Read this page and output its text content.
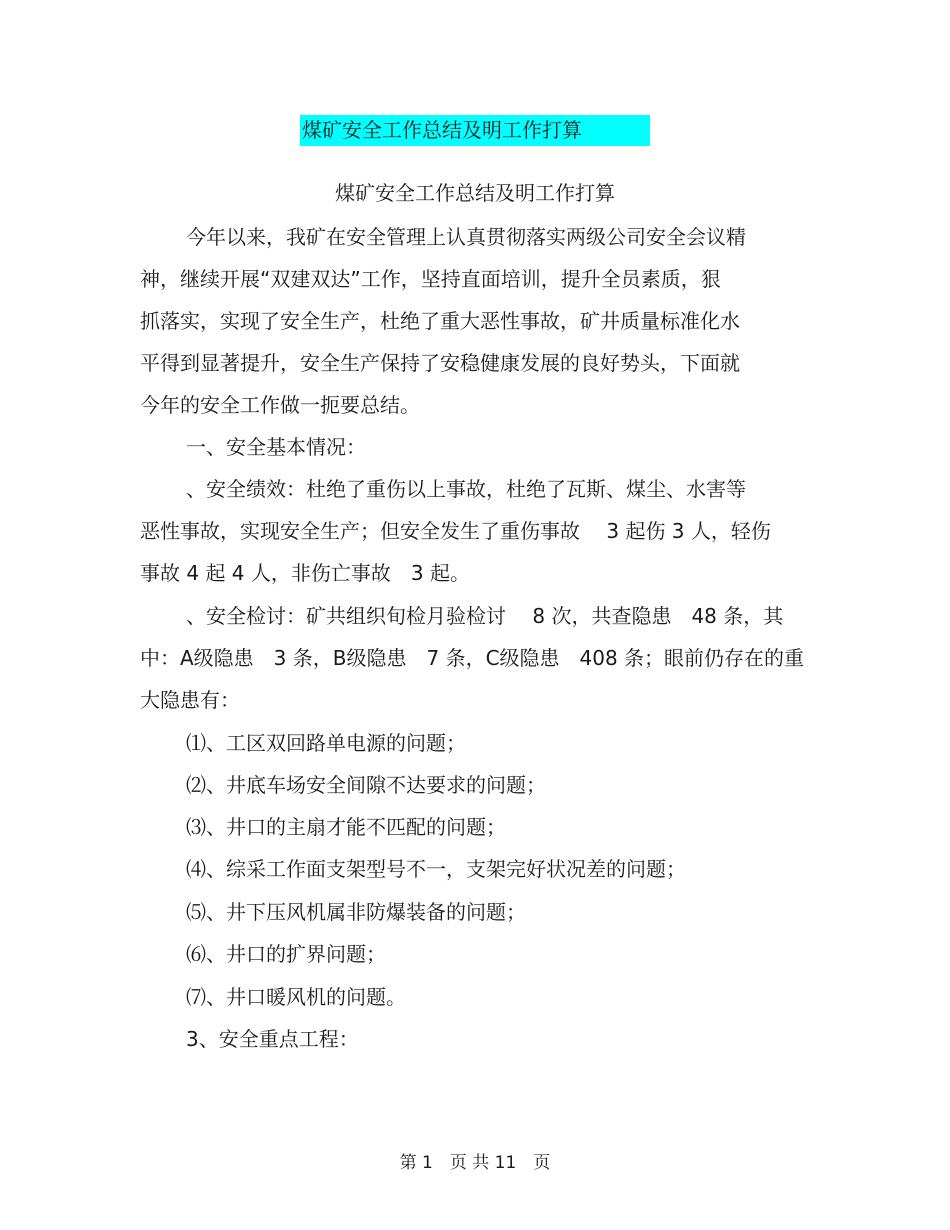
煤矿安全工作总结及明工作打算
煤矿安全工作总结及明工作打算
今年以来，我矿在安全管理上认真贯彻落实两级公司安全会议精
神，继续开展“双建双达”工作，坚持直面培训，提升全员素质，狠
抓落实，实现了安全生产，杜绝了重大恶性事故，矿井质量标准化水
平得到显著提升，安全生产保持了安稳健康发展的良好势头，下面就
今年的安全工作做一扼要总结。
一、安全基本情况：
、安全绩效：杜绝了重伤以上事故，杜绝了瓦斯、煤尘、水害等
恶性事故，实现安全生产；但安全发生了重伤事故　 3 起伤 3 人，轻伤
事故 4 起 4 人，非伤亡事故　3 起。
、安全检讨：矿共组织旬检月验检讨　 8 次，共查隐患　48 条，其
中：A级隐患　3 条，B级隐患　7 条，C级隐患　408 条；眼前仍存在的重
大隐患有：
⑴、工区双回路单电源的问题；
⑵、井底车场安全间隙不达要求的问题；
⑶、井口的主扇才能不匹配的问题；
⑷、综采工作面支架型号不一，支架完好状况差的问题；
⑸、井下压风机属非防爆装备的问题；
⑹、井口的扩界问题；
⑺、井口暖风机的问题。
3、安全重点工程：
第 1　页 共 11　页
